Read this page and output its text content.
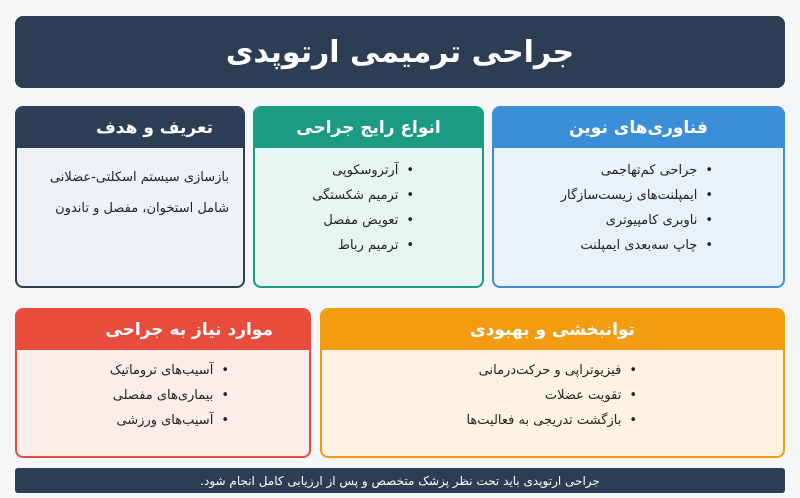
جراحی ترمیمی ارتوپدی
تعریف و هدف

بازسازی سیستم اسکلتی-عضلانی

شامل استخوان، مفصل و تاندون

انواع رایج جراحی
•
آرتروسکوپی
•
ترمیم شکستگی
•
تعویض مفصل
•
ترمیم رباط
فناوری‌های نوین
•
جراحی کم‌تهاجمی
•
ایمپلنت‌های زیست‌سازگار
•
ناوبری کامپیوتری
•
چاپ سه‌بعدی ایمپلنت
موارد نیاز به جراحی
•
آسیب‌های تروماتیک
•
بیماری‌های مفصلی
•
آسیب‌های ورزشی
توانبخشی و بهبودی
•
فیزیوتراپی و حرکت‌درمانی
•
تقویت عضلات
•
بازگشت تدریجی به فعالیت‌ها
جراحی ارتوپدی باید تحت نظر پزشک متخصص و پس از ارزیابی کامل انجام شود.
